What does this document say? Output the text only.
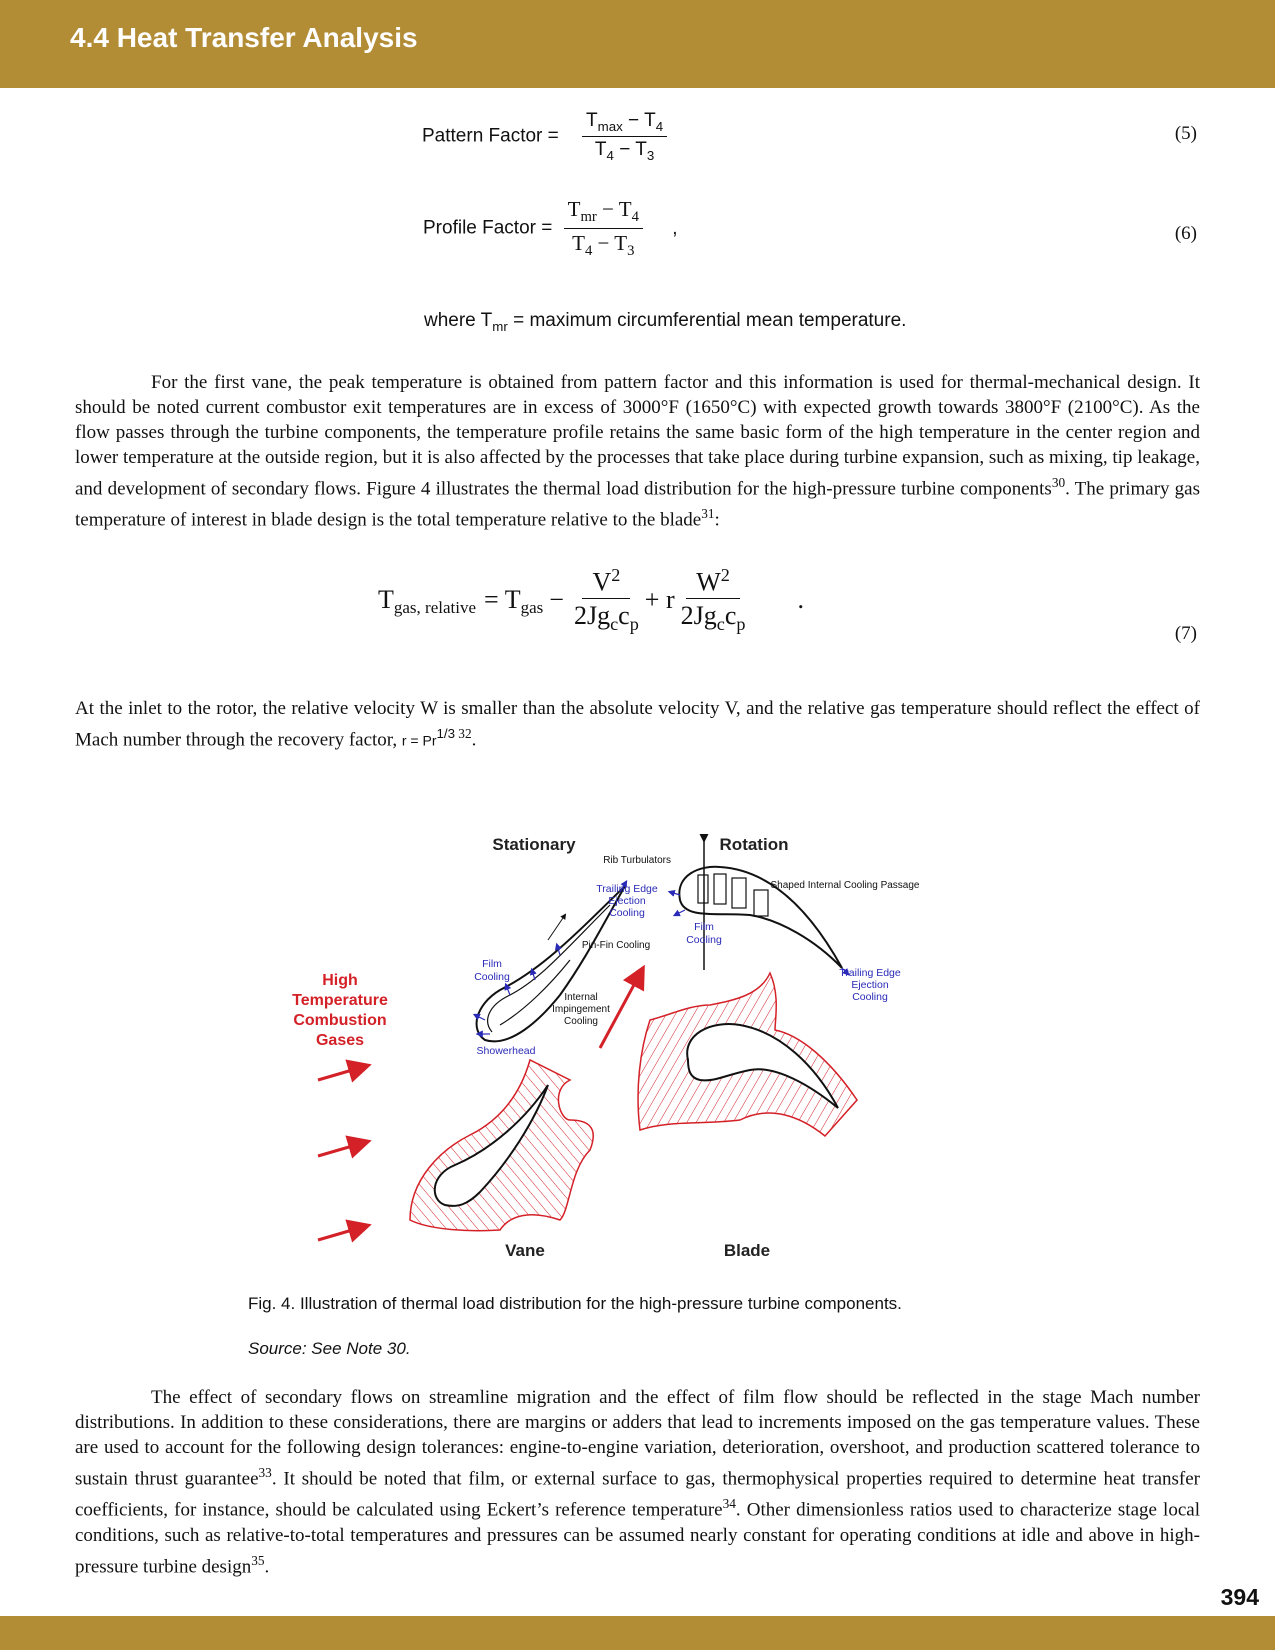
4.4 Heat Transfer Analysis
Pattern Factor = $\frac{T_{max} - T_4}{T_4 - T_3}$	(5)
Profile Factor = $\frac{T_{mr} - T_4}{T_4 - T_3}$ ,	(6)
where $T_{mr}$ = maximum circumferential mean temperature.
For the first vane, the peak temperature is obtained from pattern factor and this information is used for thermal-mechanical design. It should be noted current combustor exit temperatures are in excess of 3000°F (1650°C) with expected growth towards 3800°F (2100°C). As the flow passes through the turbine components, the temperature profile retains the same basic form of the high temperature in the center region and lower temperature at the outside region, but it is also affected by the processes that take place during turbine expansion, such as mixing, tip leakage, and development of secondary flows. Figure 4 illustrates the thermal load distribution for the high-pressure turbine components$^{30}$. The primary gas temperature of interest in blade design is the total temperature relative to the blade$^{31}$:
$T_{gas, relative} = T_{gas} - \frac{V^2}{2Jg_cc_p} + r \frac{W^2}{2Jg_cc_p}$ .
(7)
At the inlet to the rotor, the relative velocity W is smaller than the absolute velocity V, and the relative gas temperature should reflect the effect of Mach number through the recovery factor, $r = Pr^{1/3}$ $^{32}$.
Stationary	Rotation
High
Temperature
Combustion
Gases
Rib Turbulators
Shaped Internal Cooling Passage
Trailing Edge
Ejection
Cooling
Pin-Fin Cooling
Film
Cooling
Internal
Impingement
Cooling
Showerhead
Film
Cooling
Trailing Edge
Ejection
Cooling
Vane	Blade
Fig. 4. Illustration of thermal load distribution for the high-pressure turbine components.
Source: See Note 30.
The effect of secondary flows on streamline migration and the effect of film flow should be reflected in the stage Mach number distributions. In addition to these considerations, there are margins or adders that lead to increments imposed on the gas temperature values. These are used to account for the following design tolerances: engine-to-engine variation, deterioration, overshoot, and production scattered tolerance to sustain thrust guarantee$^{33}$. It should be noted that film, or external surface to gas, thermophysical properties required to determine heat transfer coefficients, for instance, should be calculated using Eckert’s reference temperature$^{34}$. Other dimensionless ratios used to characterize stage local conditions, such as relative-to-total temperatures and pressures can be assumed nearly constant for operating conditions at idle and above in high-pressure turbine design$^{35}$.
394
